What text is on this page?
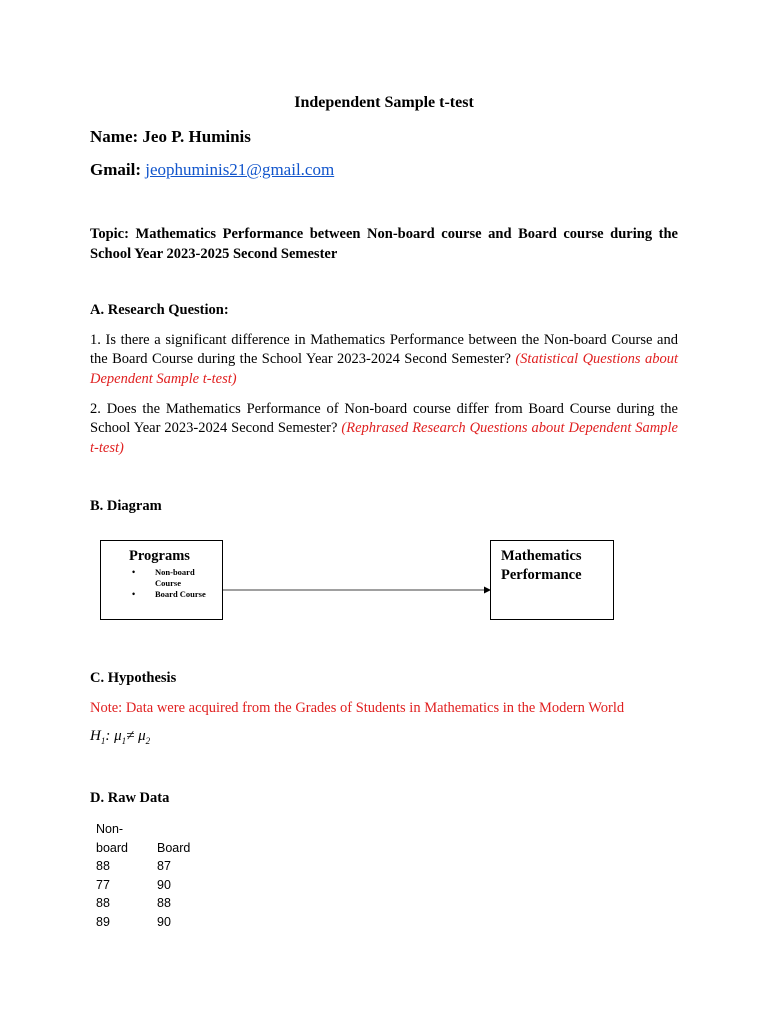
Independent Sample t-test
Name: Jeo P. Huminis
Gmail: jeophuminis21@gmail.com
Topic: Mathematics Performance between Non-board course and Board course during the School Year 2023-2025 Second Semester
A. Research Question:
1. Is there a significant difference in Mathematics Performance between the Non-board Course and the Board Course during the School Year 2023-2024 Second Semester? (Statistical Questions about Dependent Sample t-test)
2. Does the Mathematics Performance of Non-board course differ from Board Course during the School Year 2023-2024 Second Semester? (Rephrased Research Questions about Dependent Sample t-test)
B. Diagram
Programs
• Non-board Course
• Board Course
Mathematics
Performance
C. Hypothesis
Note: Data were acquired from the Grades of Students in Mathematics in the Modern World
$H_1$: $\mu_1\ne \mu_2$
D. Raw Data
Non-
board	Board
88	87
77	90
88	88
89	90
